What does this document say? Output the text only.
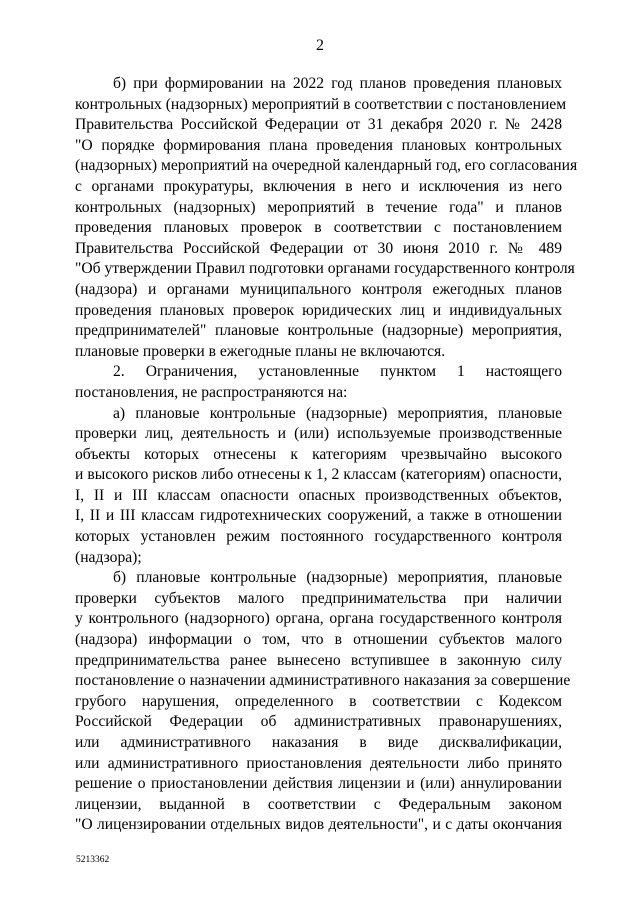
2

б) при формировании на 2022 год планов проведения плановых
контрольных (надзорных) мероприятий в соответствии с постановлением
Правительства Российской Федерации от 31 декабря 2020 г. № 2428
"О порядке формирования плана проведения плановых контрольных
(надзорных) мероприятий на очередной календарный год, его согласования
с органами прокуратуры, включения в него и исключения из него
контрольных (надзорных) мероприятий в течение года" и планов
проведения плановых проверок в соответствии с постановлением
Правительства Российской Федерации от 30 июня 2010 г. № 489
"Об утверждении Правил подготовки органами государственного контроля
(надзора) и органами муниципального контроля ежегодных планов
проведения плановых проверок юридических лиц и индивидуальных
предпринимателей" плановые контрольные (надзорные) мероприятия,
плановые проверки в ежегодные планы не включаются.

2. Ограничения, установленные пунктом 1 настоящего
постановления, не распространяются на:

а) плановые контрольные (надзорные) мероприятия, плановые
проверки лиц, деятельность и (или) используемые производственные
объекты которых отнесены к категориям чрезвычайно высокого
и высокого рисков либо отнесены к 1, 2 классам (категориям) опасности,
I, II и III классам опасности опасных производственных объектов,
I, II и III классам гидротехнических сооружений, а также в отношении
которых установлен режим постоянного государственного контроля
(надзора);

б) плановые контрольные (надзорные) мероприятия, плановые
проверки субъектов малого предпринимательства при наличии
у контрольного (надзорного) органа, органа государственного контроля
(надзора) информации о том, что в отношении субъектов малого
предпринимательства ранее вынесено вступившее в законную силу
постановление о назначении административного наказания за совершение
грубого нарушения, определенного в соответствии с Кодексом
Российской Федерации об административных правонарушениях,
или административного наказания в виде дисквалификации,
или административного приостановления деятельности либо принято
решение о приостановлении действия лицензии и (или) аннулировании
лицензии, выданной в соответствии с Федеральным законом
"О лицензировании отдельных видов деятельности", и с даты окончания

5213362
